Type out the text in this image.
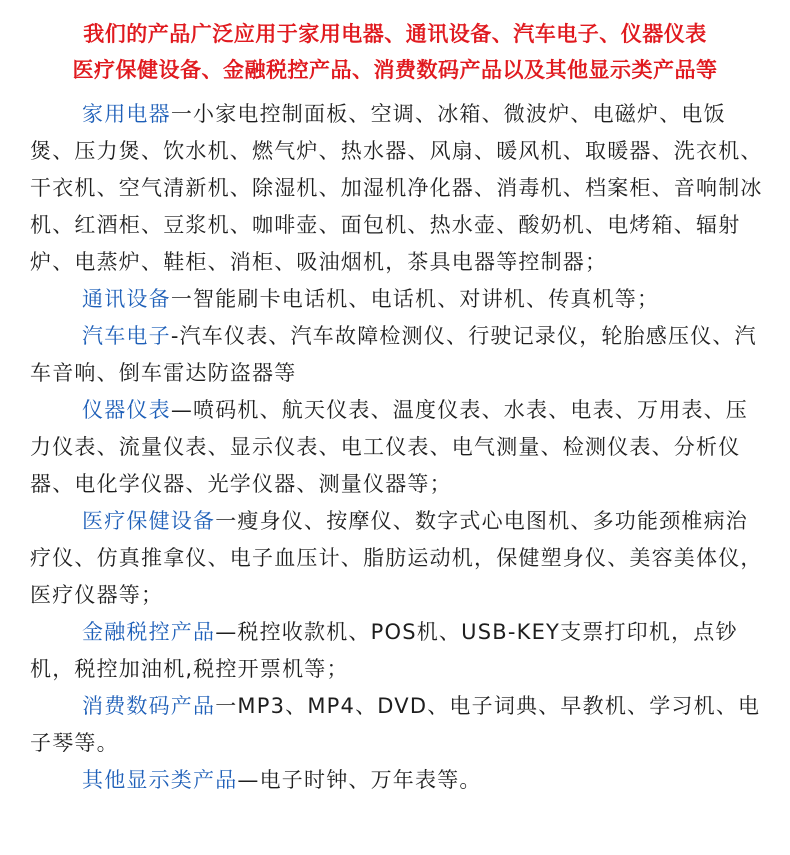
我们的产品广泛应用于家用电器、通讯设备、汽车电子、仪器仪表
医疗保健设备、金融税控产品、消费数码产品以及其他显示类产品等

家用电器一小家电控制面板、空调、冰箱、微波炉、电磁炉、电饭煲、压力煲、饮水机、燃气炉、热水器、风扇、暖风机、取暖器、洗衣机、干衣机、空气清新机、除湿机、加湿机净化器、消毒机、档案柜、音响制冰机、红酒柜、豆浆机、咖啡壶、面包机、热水壶、酸奶机、电烤箱、辐射炉、电蒸炉、鞋柜、消柜、吸油烟机，茶具电器等控制器；

通讯设备一智能刷卡电话机、电话机、对讲机、传真机等；

汽车电子-汽车仪表、汽车故障检测仪、行驶记录仪，轮胎感压仪、汽车音响、倒车雷达防盗器等

仪器仪表—喷码机、航天仪表、温度仪表、水表、电表、万用表、压力仪表、流量仪表、显示仪表、电工仪表、电气测量、检测仪表、分析仪器、电化学仪器、光学仪器、测量仪器等；

医疗保健设备一瘦身仪、按摩仪、数字式心电图机、多功能颈椎病治疗仪、仿真推拿仪、电子血压计、脂肪运动机，保健塑身仪、美容美体仪，医疗仪器等；

金融税控产品—税控收款机、POS机、USB-KEY支票打印机，点钞机，税控加油机,税控开票机等；

消费数码产品一MP3、MP4、DVD、电子词典、早教机、学习机、电子琴等。

其他显示类产品—电子时钟、万年表等。
